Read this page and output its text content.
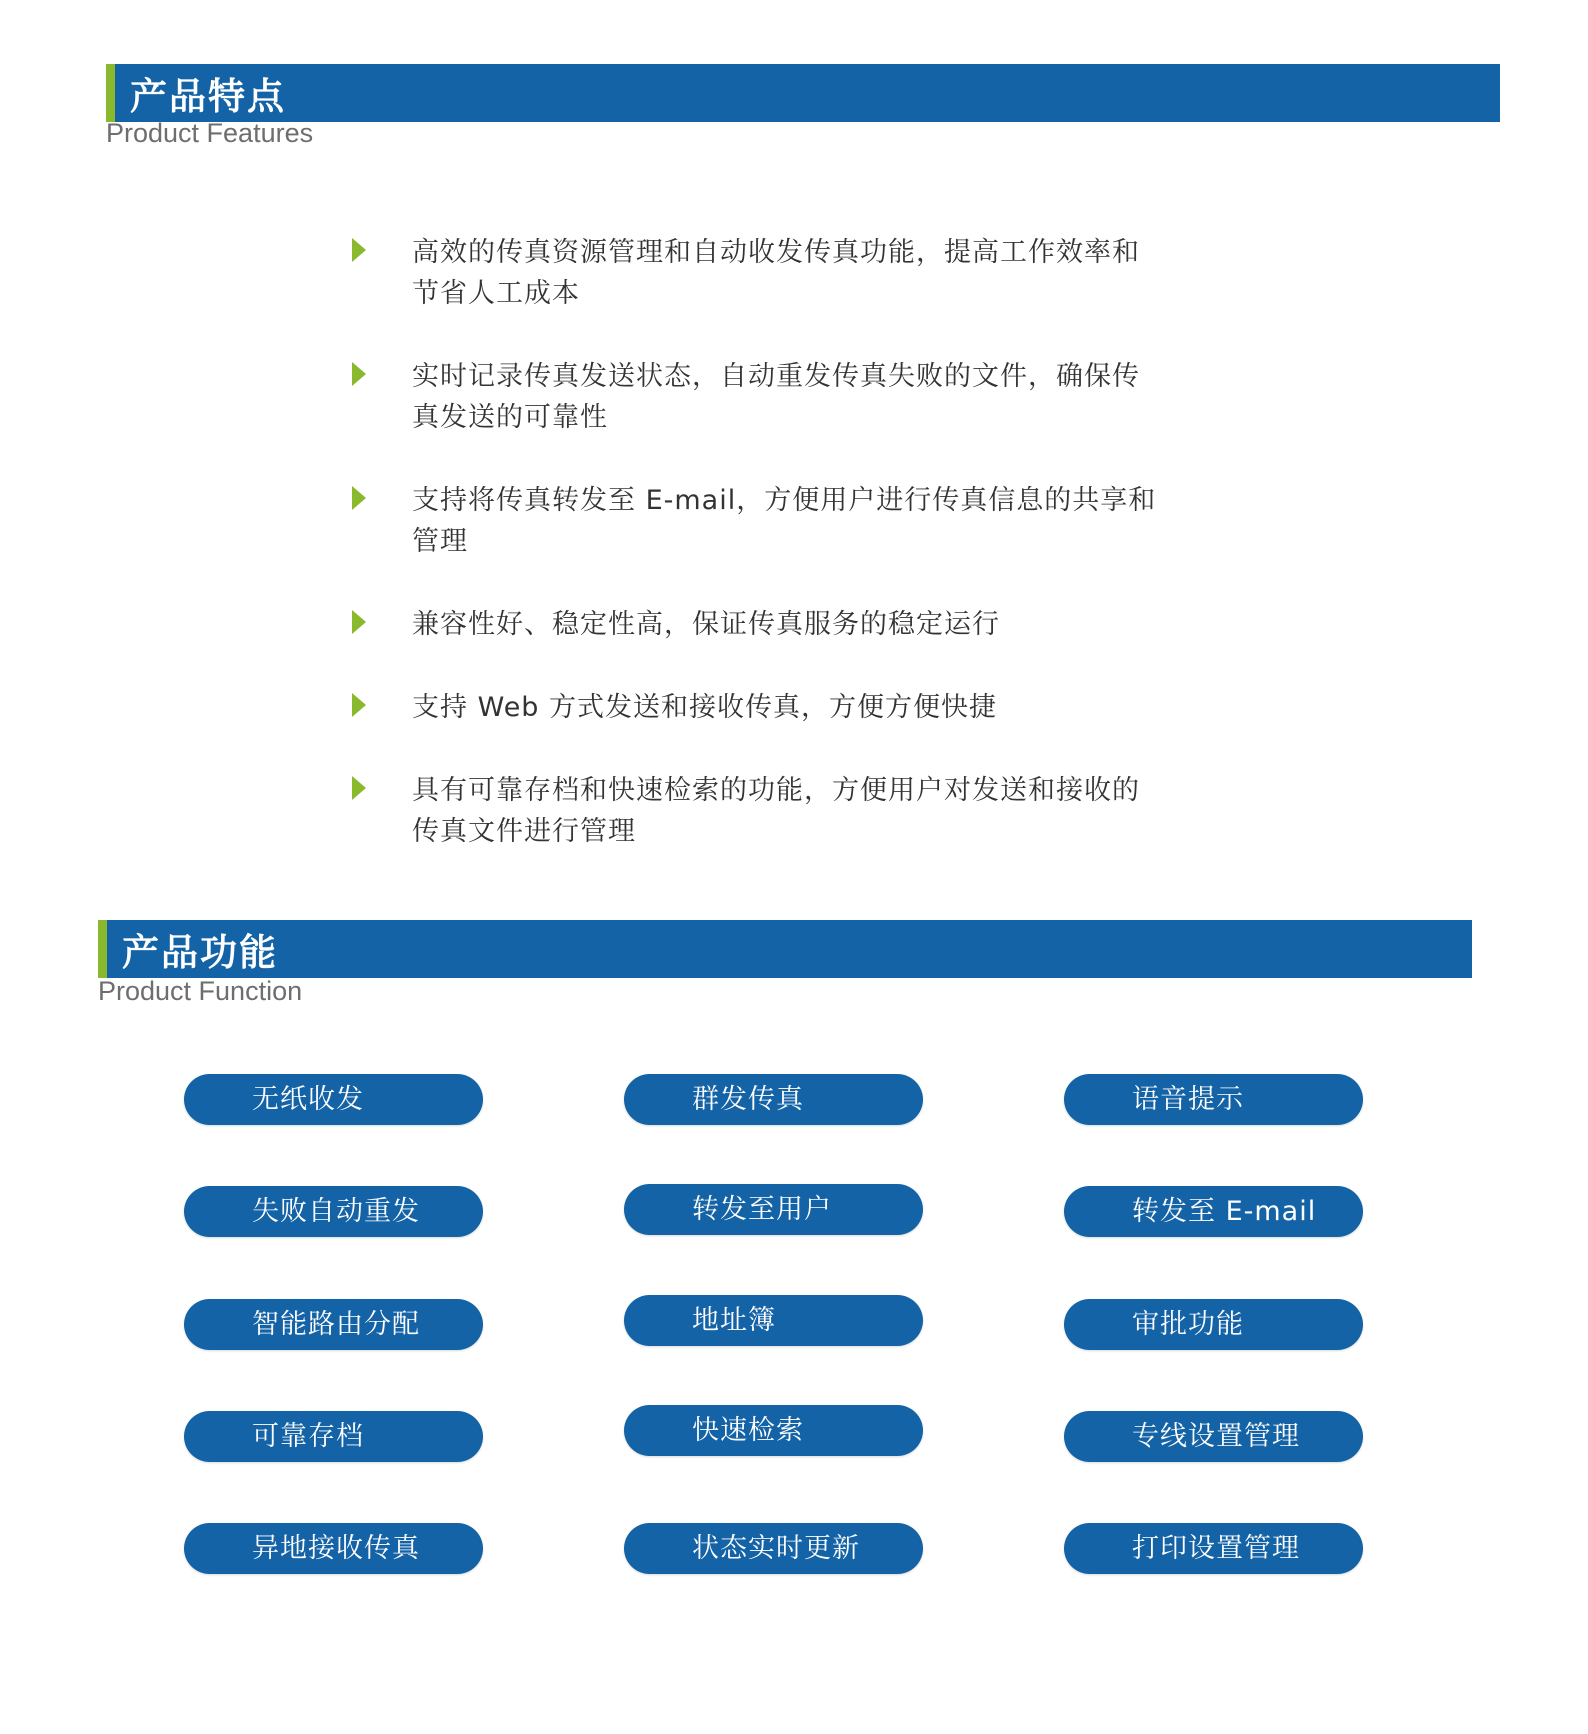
产品特点
Product Features
高效的传真资源管理和自动收发传真功能，提高工作效率和
节省人工成本
实时记录传真发送状态，自动重发传真失败的文件，确保传
真发送的可靠性
支持将传真转发至 E-mail，方便用户进行传真信息的共享和
管理
兼容性好、稳定性高，保证传真服务的稳定运行
支持 Web 方式发送和接收传真，方便方便快捷
具有可靠存档和快速检索的功能，方便用户对发送和接收的
传真文件进行管理
产品功能
Product Function
无纸收发	群发传真	语音提示
失败自动重发	转发至用户	转发至 E-mail
智能路由分配	地址簿	审批功能
可靠存档	快速检索	专线设置管理
异地接收传真	状态实时更新	打印设置管理
